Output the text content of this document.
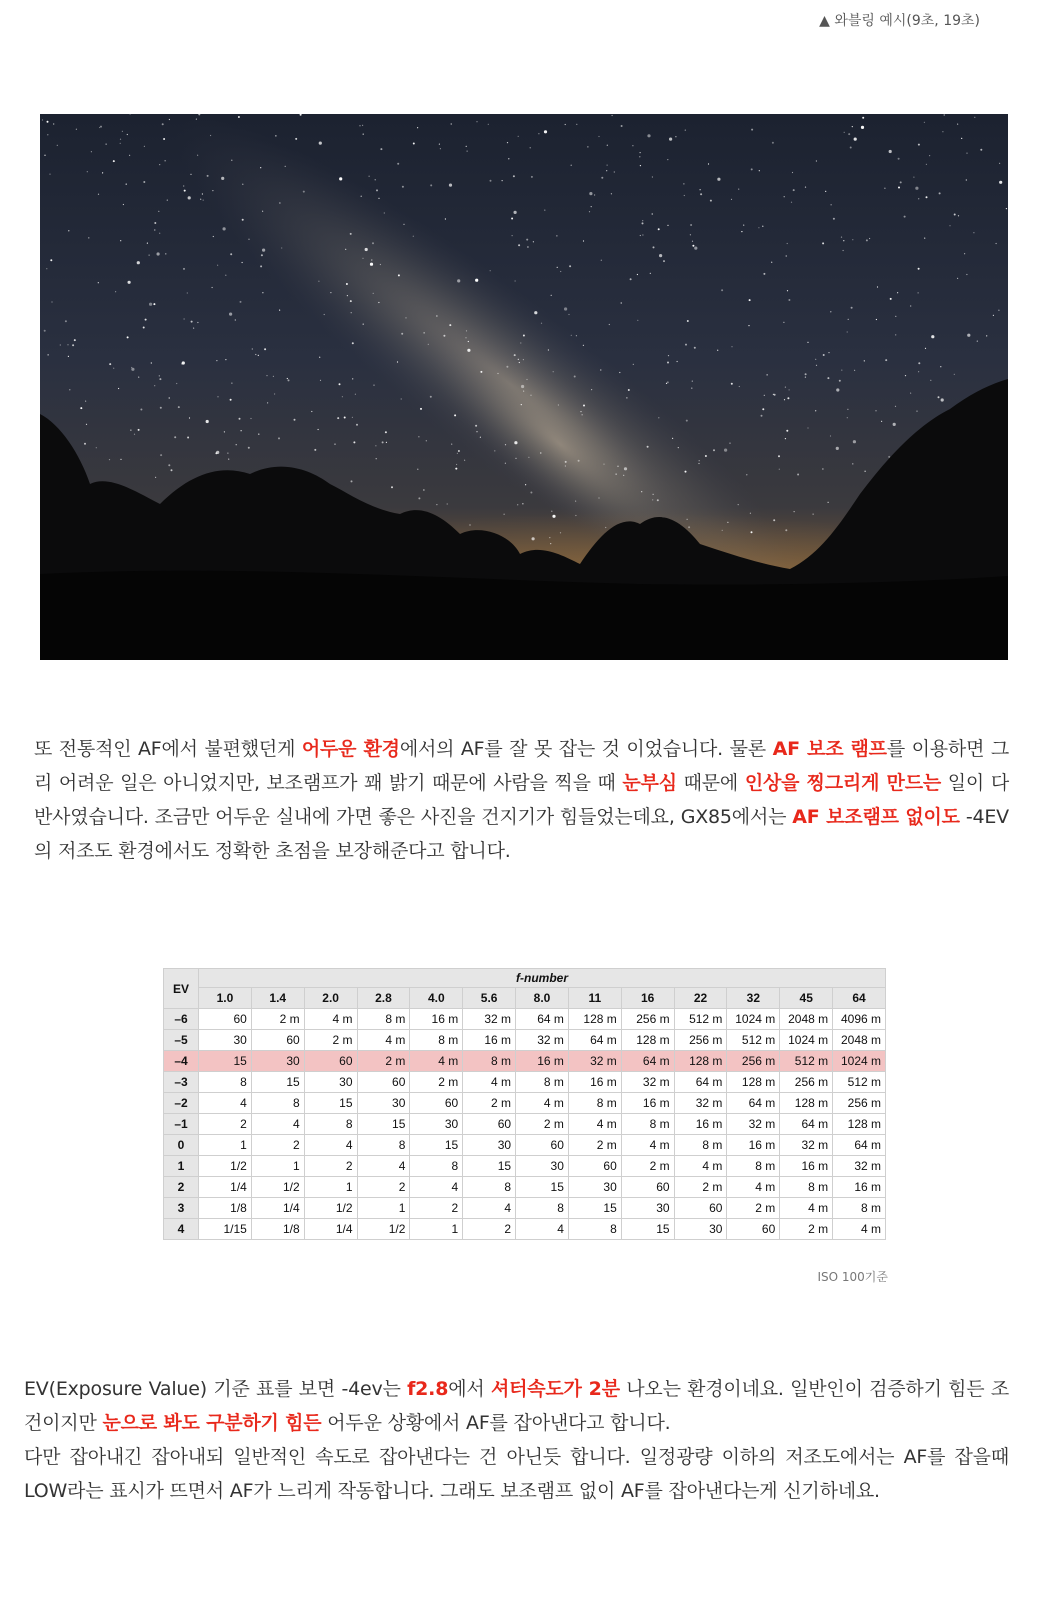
▲ 와블링 예시(9초, 19초)
또 전통적인 AF에서 불편했던게 어두운 환경에서의 AF를 잘 못 잡는 것 이었습니다. 물론 AF 보조 램프를 이용하면 그리 어려운 일은 아니었지만, 보조램프가 꽤 밝기 때문에 사람을 찍을 때 눈부심 때문에 인상을 찡그리게 만드는 일이 다반사였습니다. 조금만 어두운 실내에 가면 좋은 사진을 건지기가 힘들었는데요, GX85에서는 AF 보조램프 없이도 -4EV의 저조도 환경에서도 정확한 초점을 보장해준다고 합니다.
EV	f-number												
	1.0	1.4	2.0	2.8	4.0	5.6	8.0	11	16	22	32	45	64
–6	60	2 m	4 m	8 m	16 m	32 m	64 m	128 m	256 m	512 m	1024 m	2048 m	4096 m
–5	30	60	2 m	4 m	8 m	16 m	32 m	64 m	128 m	256 m	512 m	1024 m	2048 m
–4	15	30	60	2 m	4 m	8 m	16 m	32 m	64 m	128 m	256 m	512 m	1024 m
–3	8	15	30	60	2 m	4 m	8 m	16 m	32 m	64 m	128 m	256 m	512 m
–2	4	8	15	30	60	2 m	4 m	8 m	16 m	32 m	64 m	128 m	256 m
–1	2	4	8	15	30	60	2 m	4 m	8 m	16 m	32 m	64 m	128 m
0	1	2	4	8	15	30	60	2 m	4 m	8 m	16 m	32 m	64 m
1	1/2	1	2	4	8	15	30	60	2 m	4 m	8 m	16 m	32 m
2	1/4	1/2	1	2	4	8	15	30	60	2 m	4 m	8 m	16 m
3	1/8	1/4	1/2	1	2	4	8	15	30	60	2 m	4 m	8 m
4	1/15	1/8	1/4	1/2	1	2	4	8	15	30	60	2 m	4 m
ISO 100기준
EV(Exposure Value) 기준 표를 보면 -4ev는 f2.8에서 셔터속도가 2분 나오는 환경이네요. 일반인이 검증하기 힘든 조건이지만 눈으로 봐도 구분하기 힘든 어두운 상황에서 AF를 잡아낸다고 합니다.
다만 잡아내긴 잡아내되 일반적인 속도로 잡아낸다는 건 아닌듯 합니다. 일정광량 이하의 저조도에서는 AF를 잡을때 LOW라는 표시가 뜨면서 AF가 느리게 작동합니다. 그래도 보조램프 없이 AF를 잡아낸다는게 신기하네요.
